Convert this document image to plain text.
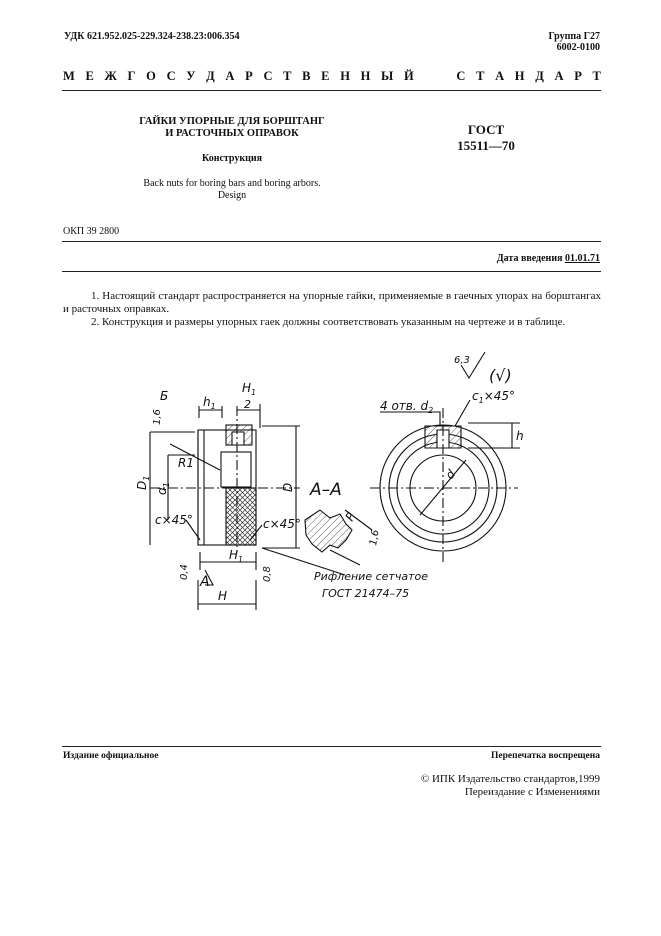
УДК 621.952.025-229.324-238.23:006.354	Группа Г27
6002-0100
М Е Ж Г О С У Д А Р С Т В Е Н Н Ы Й	С Т А Н Д А Р Т
ГАЙКИ УПОРНЫЕ ДЛЯ БОРШТАНГ
И РАСТОЧНЫХ ОПРАВОК	ГОСТ
15511—70

Конструкция

Back nuts for boring bars and boring arbors.
Design

ОКП 39 2800

Дата введения 01.01.71

1. Настоящий стандарт распространяется на упорные гайки, применяемые в гаечных упорах на борштангах и расточных оправках.

2. Конструкция и размеры упорных гаек должны соответствовать указанным на чертеже и в таблице.

6,3
(√)
Б
1,6
$h_1$
$H_1$
2
$D_1$
$d_1$
R1
D
c×45°	c×45°
0,4	0,8
$H_1$
H
A
A–A
P
1,6
Рифление сетчатое
ГОСТ 21474–75
4 отв. $d_2$
$c_1\times 45^\circ$
h
d

Издание официальное	Перепечатка воспрещена

© ИПК Издательство стандартов,1999
Переиздание с Изменениями
